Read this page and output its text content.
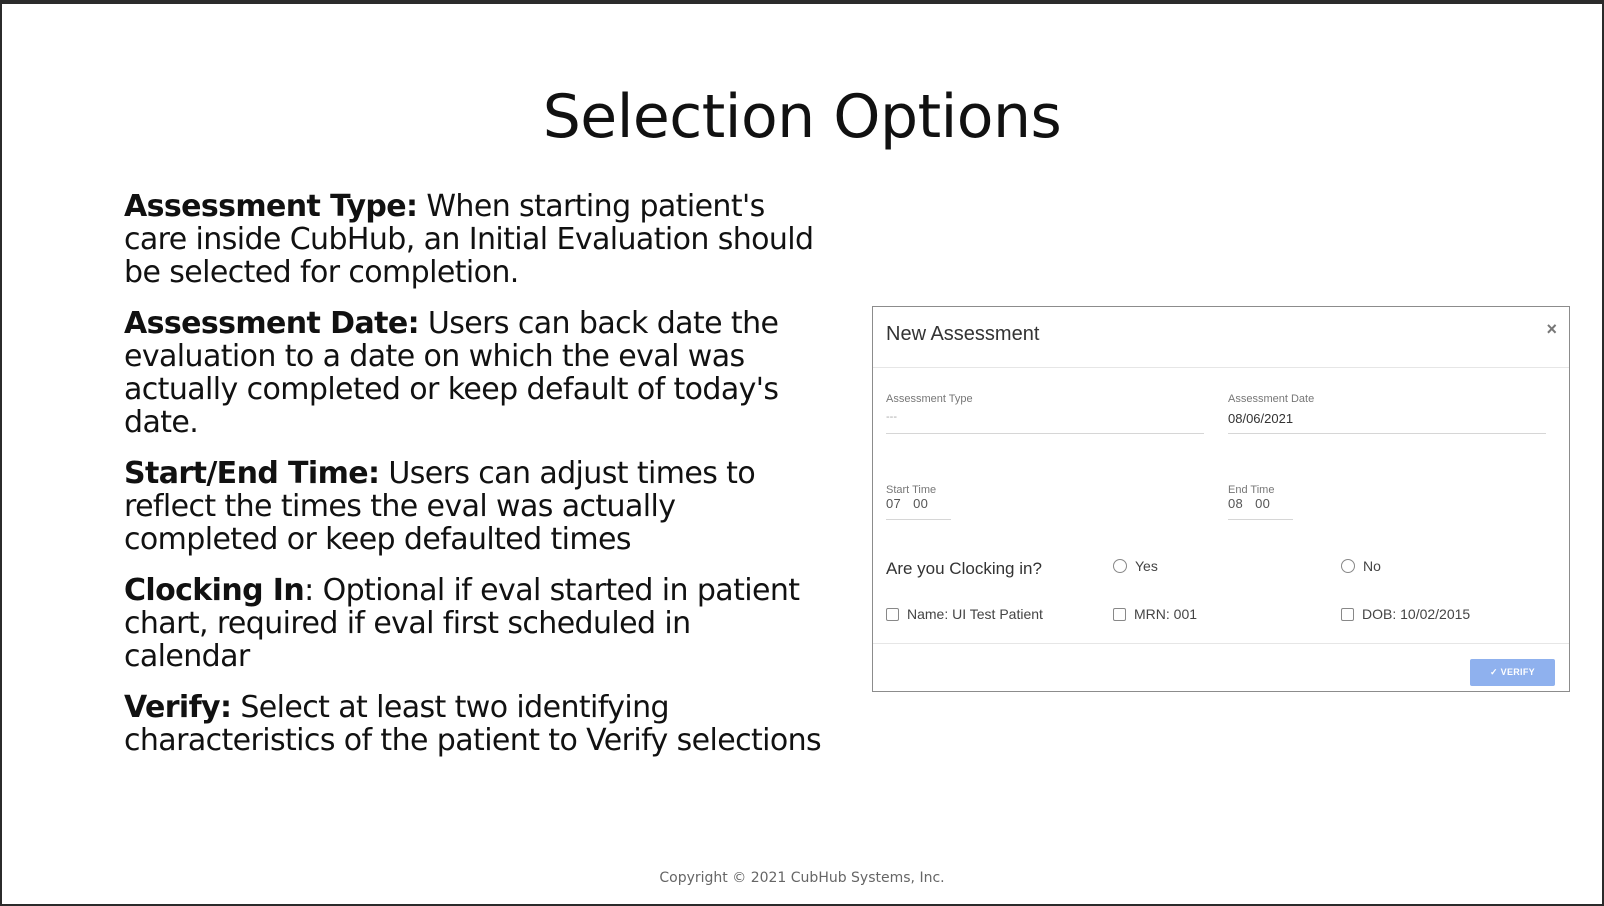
Selection Options
Assessment Type: When starting patient's care inside CubHub, an Initial Evaluation should be selected for completion.
Assessment Date: Users can back date the evaluation to a date on which the eval was actually completed or keep default of today's date.
Start/End Time: Users can adjust times to reflect the times the eval was actually completed or keep defaulted times
Clocking In: Optional if eval started in patient chart, required if eval first scheduled in calendar
Verify: Select at least two identifying characteristics of the patient to Verify selections
New Assessment	×
Assessment Type
---
Assessment Date
08/06/2021
Start Time
07 00
End Time
08 00
Are you Clocking in?	Yes	No
Name: UI Test Patient	MRN: 001	DOB: 10/02/2015
✓ VERIFY
Copyright © 2021 CubHub Systems, Inc.
